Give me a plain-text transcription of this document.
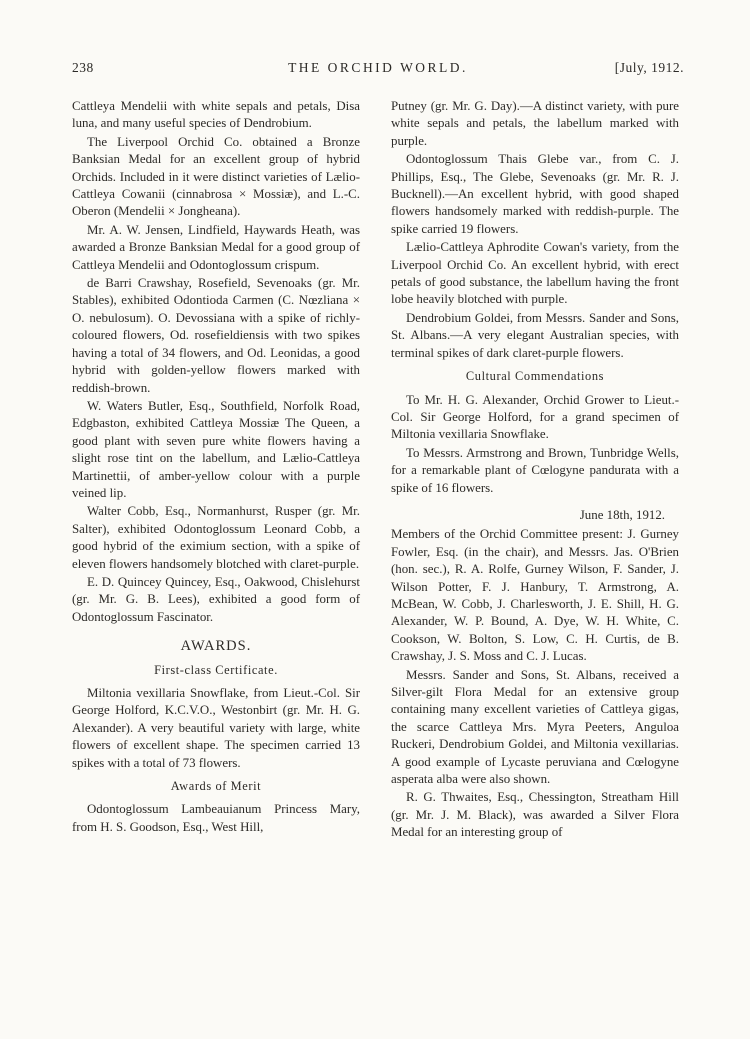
238	THE ORCHID WORLD.	[July, 1912.

Cattleya Mendelii with white sepals and petals, Disa luna, and many useful species of Dendrobium.

The Liverpool Orchid Co. obtained a Bronze Banksian Medal for an excellent group of hybrid Orchids. Included in it were distinct varieties of Lælio-Cattleya Cowanii (cinnabrosa × Mossiæ), and L.-C. Oberon (Mendelii × Jongheana).

Mr. A. W. Jensen, Lindfield, Haywards Heath, was awarded a Bronze Banksian Medal for a good group of Cattleya Mendelii and Odontoglossum crispum.

de Barri Crawshay, Rosefield, Sevenoaks (gr. Mr. Stables), exhibited Odontioda Carmen (C. Nœzliana × O. nebulosum). O. Devossiana with a spike of richly-coloured flowers, Od. rosefieldiensis with two spikes having a total of 34 flowers, and Od. Leonidas, a good hybrid with golden-yellow flowers marked with reddish-brown.

W. Waters Butler, Esq., Southfield, Norfolk Road, Edgbaston, exhibited Cattleya Mossiæ The Queen, a good plant with seven pure white flowers having a slight rose tint on the labellum, and Lælio-Cattleya Martinettii, of amber-yellow colour with a purple veined lip.

Walter Cobb, Esq., Normanhurst, Rusper (gr. Mr. Salter), exhibited Odontoglossum Leonard Cobb, a good hybrid of the eximium section, with a spike of eleven flowers handsomely blotched with claret-purple.

E. D. Quincey Quincey, Esq., Oakwood, Chislehurst (gr. Mr. G. B. Lees), exhibited a good form of Odontoglossum Fascinator.

AWARDS.
First-class Certificate.

Miltonia vexillaria Snowflake, from Lieut.-Col. Sir George Holford, K.C.V.O., Westonbirt (gr. Mr. H. G. Alexander). A very beautiful variety with large, white flowers of excellent shape. The specimen carried 13 spikes with a total of 73 flowers.

Awards of Merit

Odontoglossum Lambeauianum Princess Mary, from H. S. Goodson, Esq., West Hill,

Putney (gr. Mr. G. Day).—A distinct variety, with pure white sepals and petals, the labellum marked with purple.

Odontoglossum Thais Glebe var., from C. J. Phillips, Esq., The Glebe, Sevenoaks (gr. Mr. R. J. Bucknell).—An excellent hybrid, with good shaped flowers handsomely marked with reddish-purple. The spike carried 19 flowers.

Lælio-Cattleya Aphrodite Cowan's variety, from the Liverpool Orchid Co. An excellent hybrid, with erect petals of good substance, the labellum having the front lobe heavily blotched with purple.

Dendrobium Goldei, from Messrs. Sander and Sons, St. Albans.—A very elegant Australian species, with terminal spikes of dark claret-purple flowers.

Cultural Commendations

To Mr. H. G. Alexander, Orchid Grower to Lieut.-Col. Sir George Holford, for a grand specimen of Miltonia vexillaria Snowflake.

To Messrs. Armstrong and Brown, Tunbridge Wells, for a remarkable plant of Cœlogyne pandurata with a spike of 16 flowers.

June 18th, 1912.

Members of the Orchid Committee present: J. Gurney Fowler, Esq. (in the chair), and Messrs. Jas. O'Brien (hon. sec.), R. A. Rolfe, Gurney Wilson, F. Sander, J. Wilson Potter, F. J. Hanbury, T. Armstrong, A. McBean, W. Cobb, J. Charlesworth, J. E. Shill, H. G. Alexander, W. P. Bound, A. Dye, W. H. White, C. Cookson, W. Bolton, S. Low, C. H. Curtis, de B. Crawshay, J. S. Moss and C. J. Lucas.

Messrs. Sander and Sons, St. Albans, received a Silver-gilt Flora Medal for an extensive group containing many excellent varieties of Cattleya gigas, the scarce Cattleya Mrs. Myra Peeters, Anguloa Ruckeri, Dendrobium Goldei, and Miltonia vexillarias. A good example of Lycaste peruviana and Cœlogyne asperata alba were also shown.

R. G. Thwaites, Esq., Chessington, Streatham Hill (gr. Mr. J. M. Black), was awarded a Silver Flora Medal for an interesting group of
